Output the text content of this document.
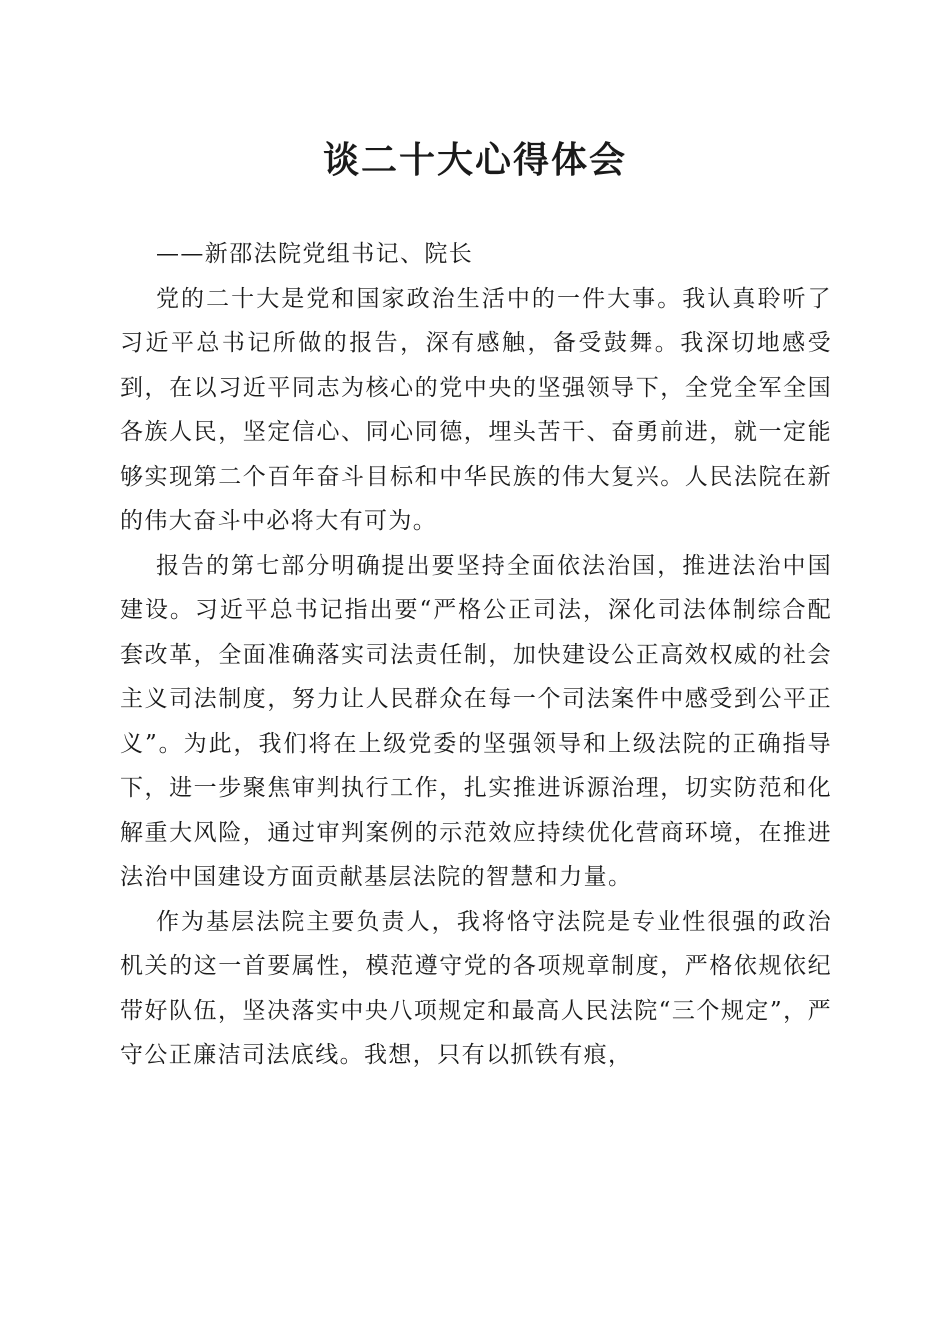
谈二十大心得体会

——新邵法院党组书记、院长

党的二十大是党和国家政治生活中的一件大事。我认真聆听了习近平总书记所做的报告，深有感触，备受鼓舞。我深切地感受到，在以习近平同志为核心的党中央的坚强领导下，全党全军全国各族人民，坚定信心、同心同德，埋头苦干、奋勇前进，就一定能够实现第二个百年奋斗目标和中华民族的伟大复兴。人民法院在新的伟大奋斗中必将大有可为。

报告的第七部分明确提出要坚持全面依法治国，推进法治中国建设。习近平总书记指出要“严格公正司法，深化司法体制综合配套改革，全面准确落实司法责任制，加快建设公正高效权威的社会主义司法制度，努力让人民群众在每一个司法案件中感受到公平正义”。为此，我们将在上级党委的坚强领导和上级法院的正确指导下，进一步聚焦审判执行工作，扎实推进诉源治理，切实防范和化解重大风险，通过审判案例的示范效应持续优化营商环境，在推进法治中国建设方面贡献基层法院的智慧和力量。

作为基层法院主要负责人，我将恪守法院是专业性很强的政治机关的这一首要属性，模范遵守党的各项规章制度，严格依规依纪带好队伍，坚决落实中央八项规定和最高人民法院“三个规定”，严守公正廉洁司法底线。我想，只有以抓铁有痕，
